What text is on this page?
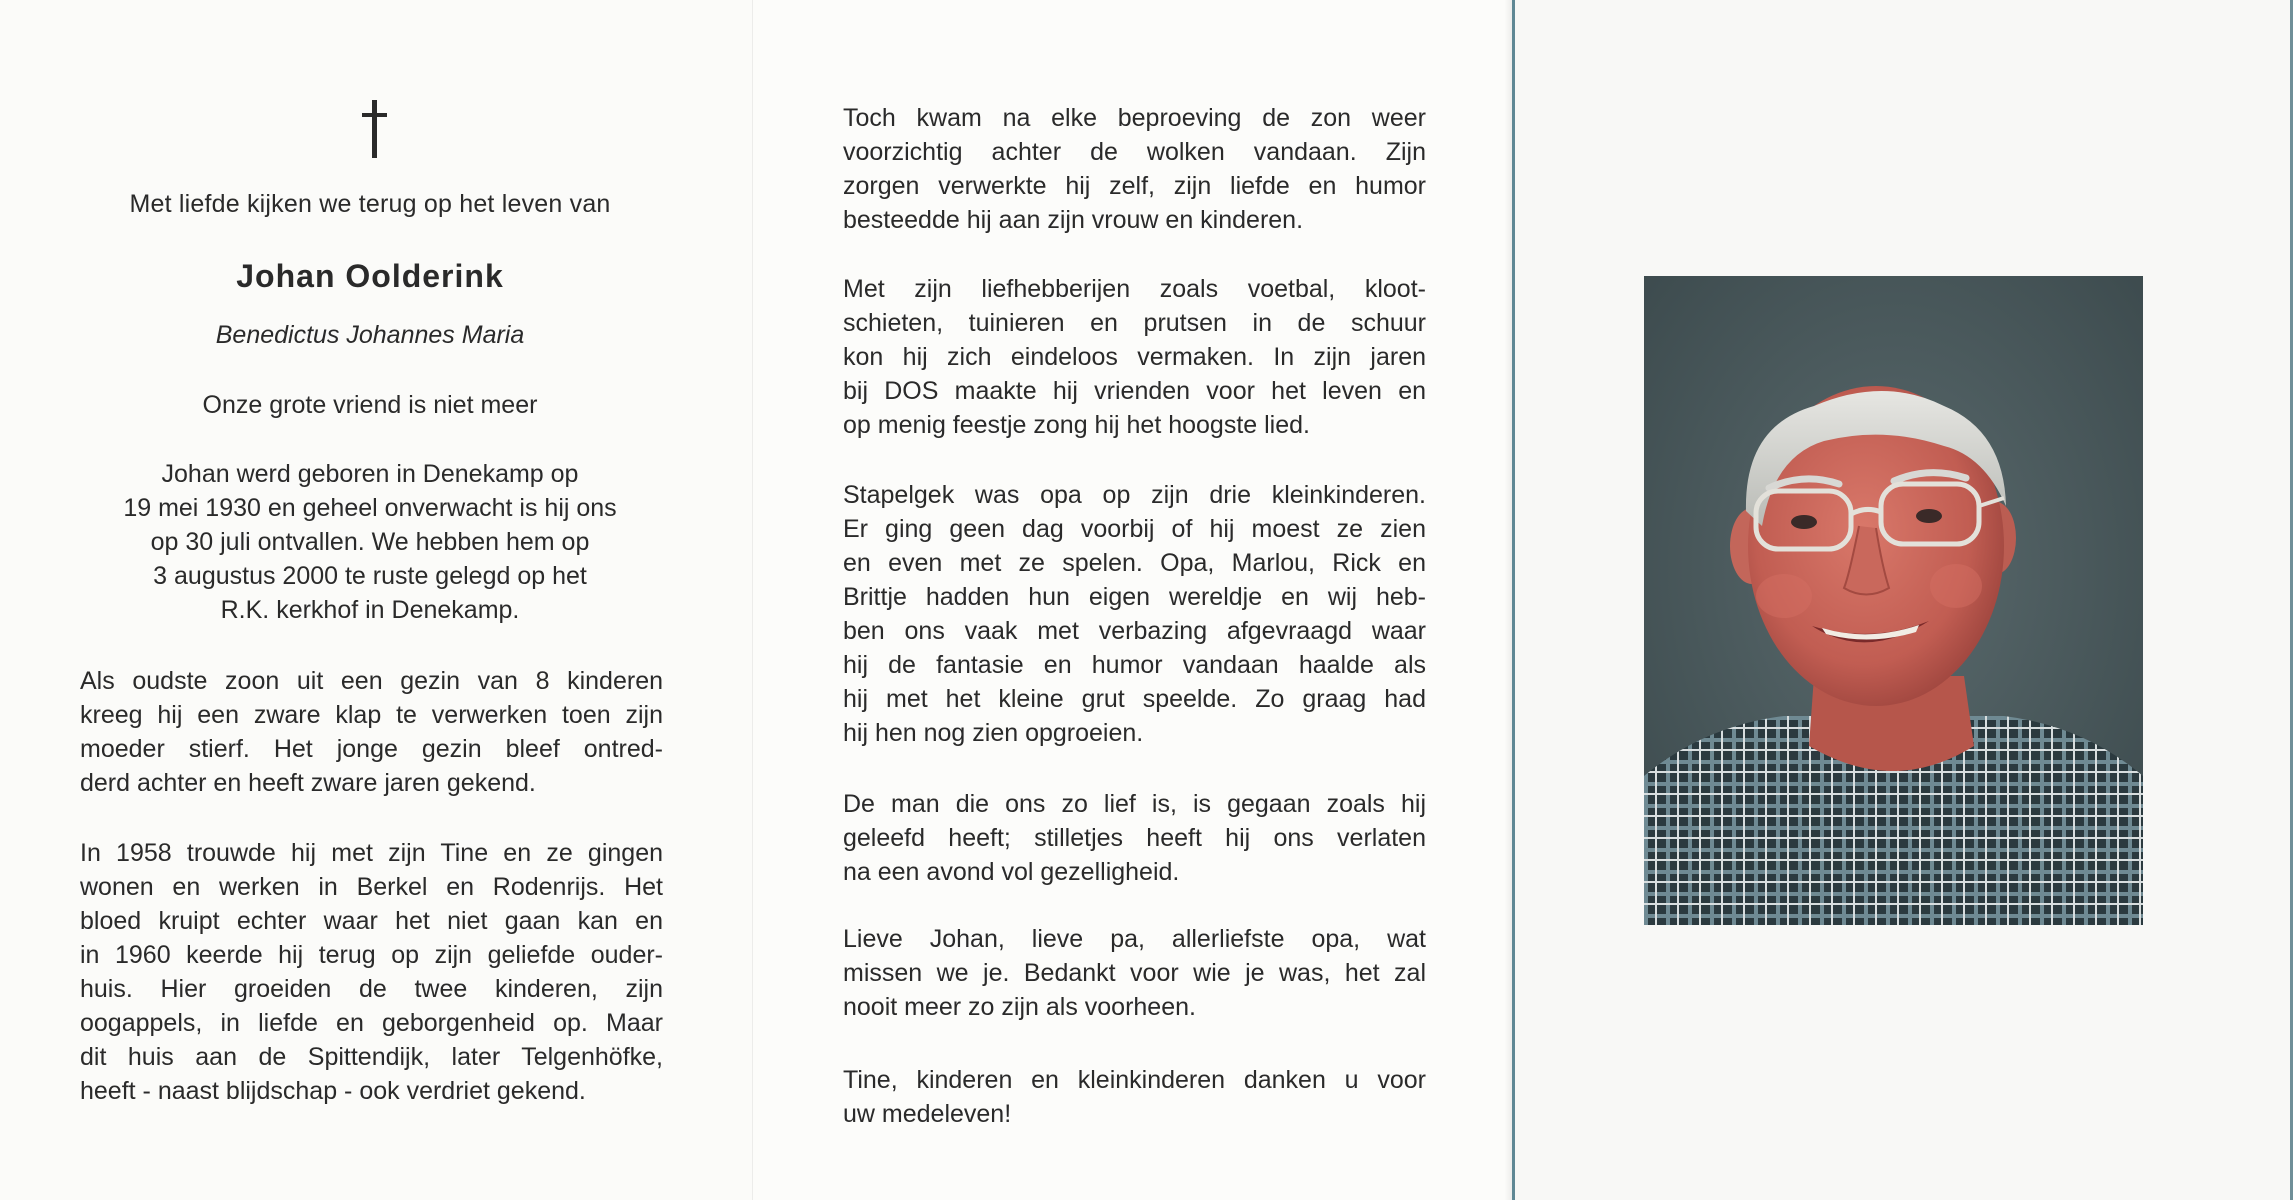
Met liefde kijken we terug op het leven van
Johan Oolderink
Benedictus Johannes Maria
Onze grote vriend is niet meer
Johan werd geboren in Denekamp op
19 mei 1930 en geheel onverwacht is hij ons
op 30 juli ontvallen. We hebben hem op
3 augustus 2000 te ruste gelegd op het
R.K. kerkhof in Denekamp.
Als oudste zoon uit een gezin van 8 kinderen
kreeg hij een zware klap te verwerken toen zijn
moeder stierf. Het jonge gezin bleef ontred-
derd achter en heeft zware jaren gekend.
In 1958 trouwde hij met zijn Tine en ze gingen
wonen en werken in Berkel en Rodenrijs. Het
bloed kruipt echter waar het niet gaan kan en
in 1960 keerde hij terug op zijn geliefde ouder-
huis. Hier groeiden de twee kinderen, zijn
oogappels, in liefde en geborgenheid op. Maar
dit huis aan de Spittendijk, later Telgenhöfke,
heeft - naast blijdschap - ook verdriet gekend.
Toch kwam na elke beproeving de zon weer
voorzichtig achter de wolken vandaan. Zijn
zorgen verwerkte hij zelf, zijn liefde en humor
besteedde hij aan zijn vrouw en kinderen.
Met zijn liefhebberijen zoals voetbal, kloot-
schieten, tuinieren en prutsen in de schuur
kon hij zich eindeloos vermaken. In zijn jaren
bij DOS maakte hij vrienden voor het leven en
op menig feestje zong hij het hoogste lied.
Stapelgek was opa op zijn drie kleinkinderen.
Er ging geen dag voorbij of hij moest ze zien
en even met ze spelen. Opa, Marlou, Rick en
Brittje hadden hun eigen wereldje en wij heb-
ben ons vaak met verbazing afgevraagd waar
hij de fantasie en humor vandaan haalde als
hij met het kleine grut speelde. Zo graag had
hij hen nog zien opgroeien.
De man die ons zo lief is, is gegaan zoals hij
geleefd heeft; stilletjes heeft hij ons verlaten
na een avond vol gezelligheid.
Lieve Johan, lieve pa, allerliefste opa, wat
missen we je. Bedankt voor wie je was, het zal
nooit meer zo zijn als voorheen.
Tine, kinderen en kleinkinderen danken u voor
uw medeleven!
